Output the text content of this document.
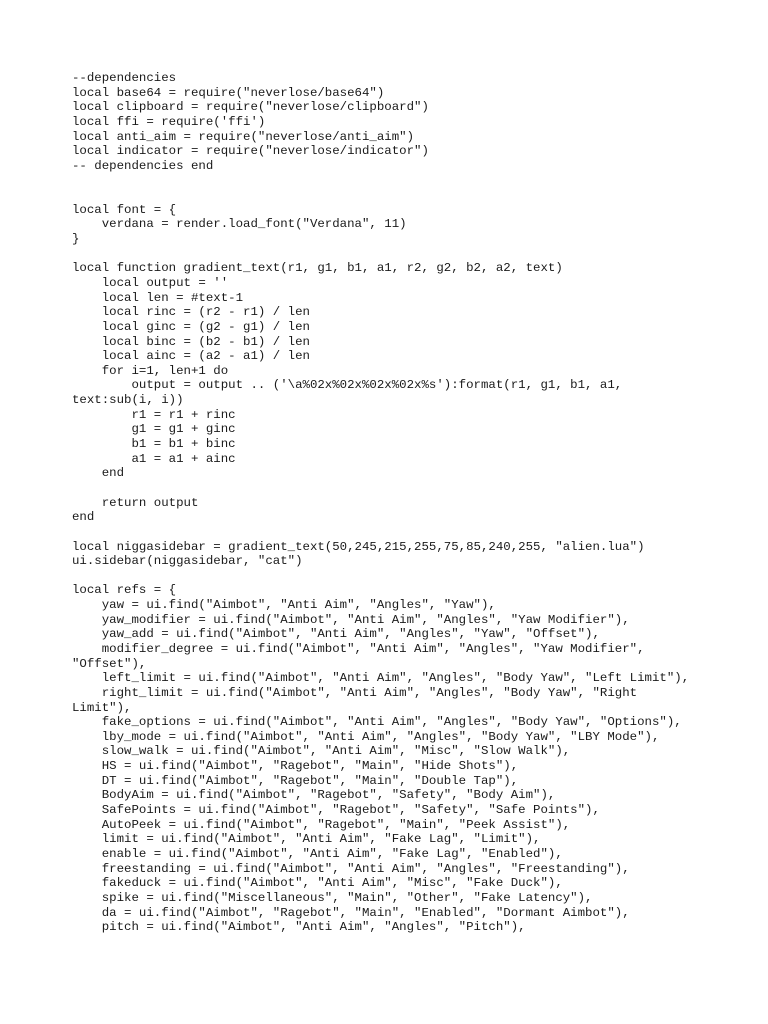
--dependencies
local base64 = require("neverlose/base64")
local clipboard = require("neverlose/clipboard")
local ffi = require('ffi')
local anti_aim = require("neverlose/anti_aim")
local indicator = require("neverlose/indicator")
-- dependencies end
local font = {
verdana = render.load_font("Verdana", 11)
}
local function gradient_text(r1, g1, b1, a1, r2, g2, b2, a2, text)
local output = ''
local len = #text-1
local rinc = (r2 - r1) / len
local ginc = (g2 - g1) / len
local binc = (b2 - b1) / len
local ainc = (a2 - a1) / len
for i=1, len+1 do
output = output .. ('\a%02x%02x%02x%02x%s'):format(r1, g1, b1, a1,
text:sub(i, i))
r1 = r1 + rinc
g1 = g1 + ginc
b1 = b1 + binc
a1 = a1 + ainc
end
return output
end
local niggasidebar = gradient_text(50,245,215,255,75,85,240,255, "alien.lua")
ui.sidebar(niggasidebar, "cat")
local refs = {
yaw = ui.find("Aimbot", "Anti Aim", "Angles", "Yaw"),
yaw_modifier = ui.find("Aimbot", "Anti Aim", "Angles", "Yaw Modifier"),
yaw_add = ui.find("Aimbot", "Anti Aim", "Angles", "Yaw", "Offset"),
modifier_degree = ui.find("Aimbot", "Anti Aim", "Angles", "Yaw Modifier",
"Offset"),
left_limit = ui.find("Aimbot", "Anti Aim", "Angles", "Body Yaw", "Left Limit"),
right_limit = ui.find("Aimbot", "Anti Aim", "Angles", "Body Yaw", "Right
Limit"),
fake_options = ui.find("Aimbot", "Anti Aim", "Angles", "Body Yaw", "Options"),
lby_mode = ui.find("Aimbot", "Anti Aim", "Angles", "Body Yaw", "LBY Mode"),
slow_walk = ui.find("Aimbot", "Anti Aim", "Misc", "Slow Walk"),
HS = ui.find("Aimbot", "Ragebot", "Main", "Hide Shots"),
DT = ui.find("Aimbot", "Ragebot", "Main", "Double Tap"),
BodyAim = ui.find("Aimbot", "Ragebot", "Safety", "Body Aim"),
SafePoints = ui.find("Aimbot", "Ragebot", "Safety", "Safe Points"),
AutoPeek = ui.find("Aimbot", "Ragebot", "Main", "Peek Assist"),
limit = ui.find("Aimbot", "Anti Aim", "Fake Lag", "Limit"),
enable = ui.find("Aimbot", "Anti Aim", "Fake Lag", "Enabled"),
freestanding = ui.find("Aimbot", "Anti Aim", "Angles", "Freestanding"),
fakeduck = ui.find("Aimbot", "Anti Aim", "Misc", "Fake Duck"),
spike = ui.find("Miscellaneous", "Main", "Other", "Fake Latency"),
da = ui.find("Aimbot", "Ragebot", "Main", "Enabled", "Dormant Aimbot"),
pitch = ui.find("Aimbot", "Anti Aim", "Angles", "Pitch"),
